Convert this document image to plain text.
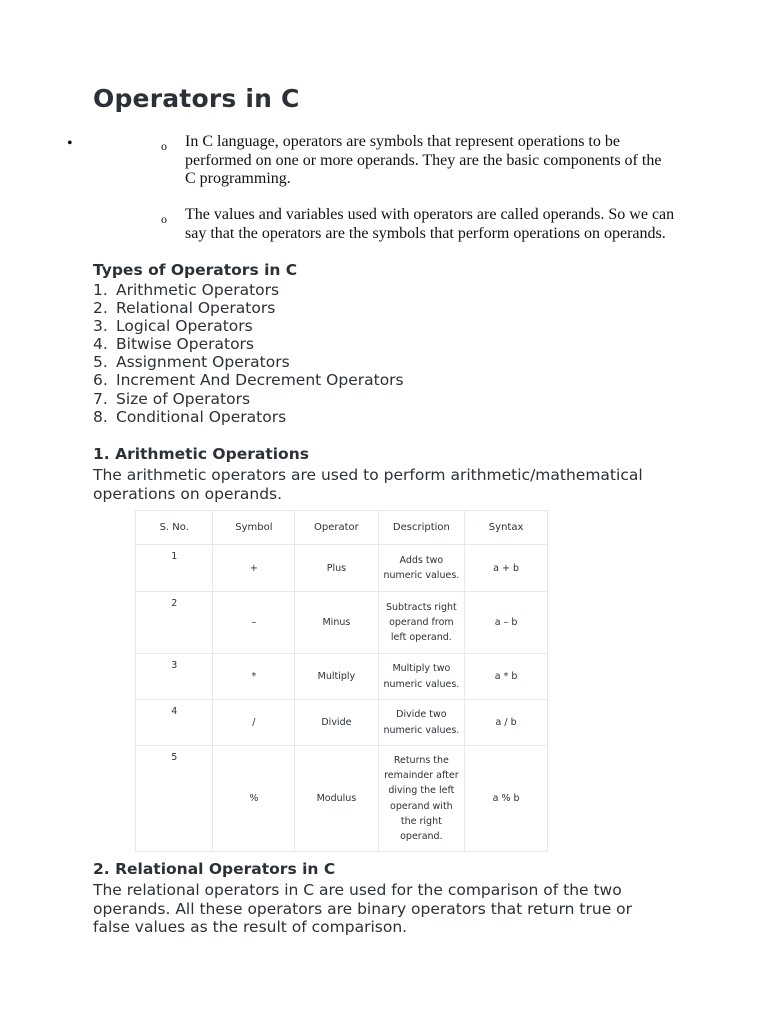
Operators in C
•	o In C language, operators are symbols that represent operations to be performed on one or more operands. They are the basic components of the C programming.

o The values and variables used with operators are called operands. So we can say that the operators are the symbols that perform operations on operands.

Types of Operators in C
1. Arithmetic Operators
2. Relational Operators
3. Logical Operators
4. Bitwise Operators
5. Assignment Operators
6. Increment And Decrement Operators
7. Size of Operators
8. Conditional Operators
1. Arithmetic Operations

The arithmetic operators are used to perform arithmetic/mathematical operations on operands.

S. No.	Symbol	Operator	Description	Syntax
1	+	Plus	Adds two numeric values.	a + b
2	–	Minus	Subtracts right operand from left operand.	a – b
3	*	Multiply	Multiply two numeric values.	a * b
4	/	Divide	Divide two numeric values.	a / b
5	%	Modulus	Returns the remainder after diving the left operand with the right operand.	a % b
2. Relational Operators in C

The relational operators in C are used for the comparison of the two operands. All these operators are binary operators that return true or false values as the result of comparison.
